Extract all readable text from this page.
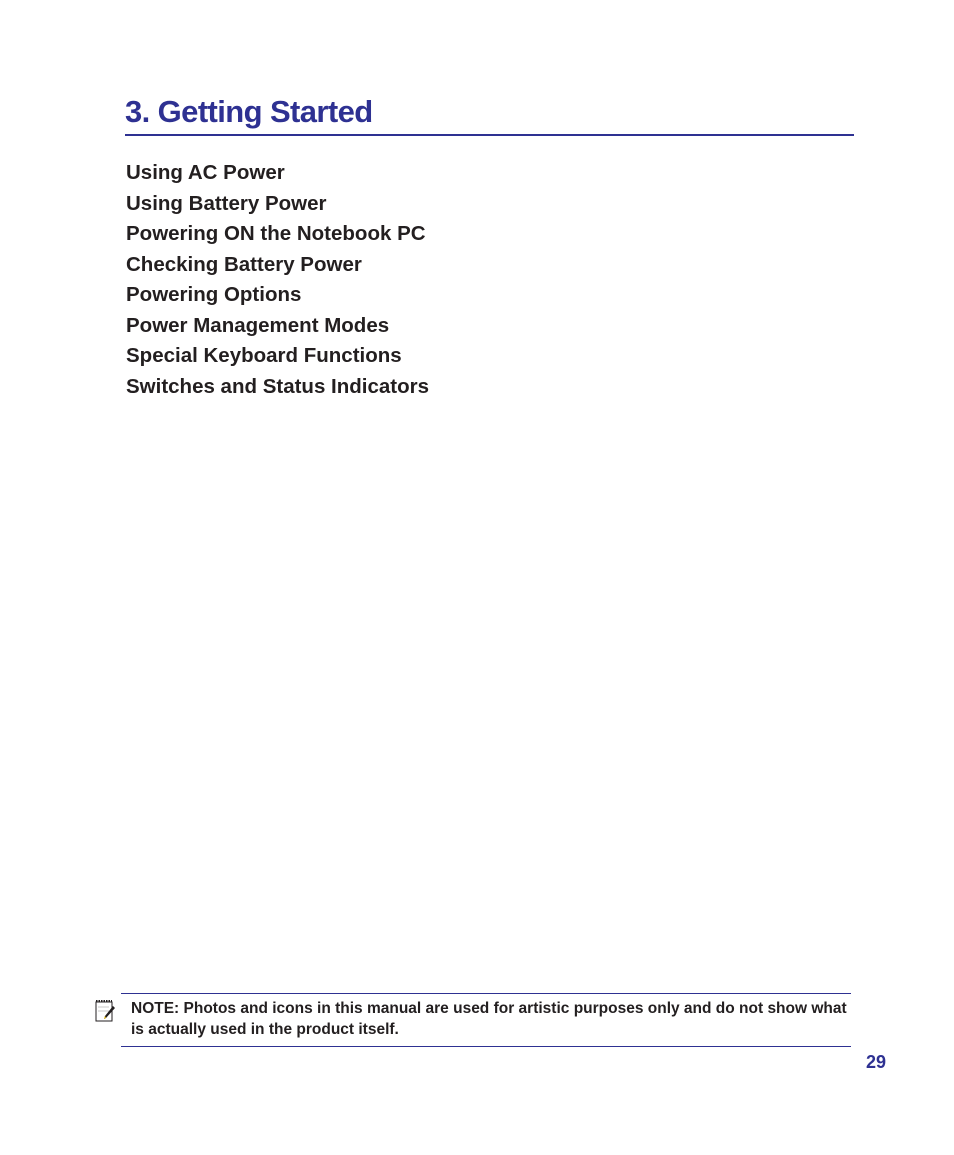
3. Getting Started
Using AC Power
Using Battery Power
Powering ON the Notebook PC
Checking Battery Power
Powering Options
Power Management Modes
Special Keyboard Functions
Switches and Status Indicators
NOTE: Photos and icons in this manual are used for artistic purposes only and do not show what is actually used in the product itself.
29
